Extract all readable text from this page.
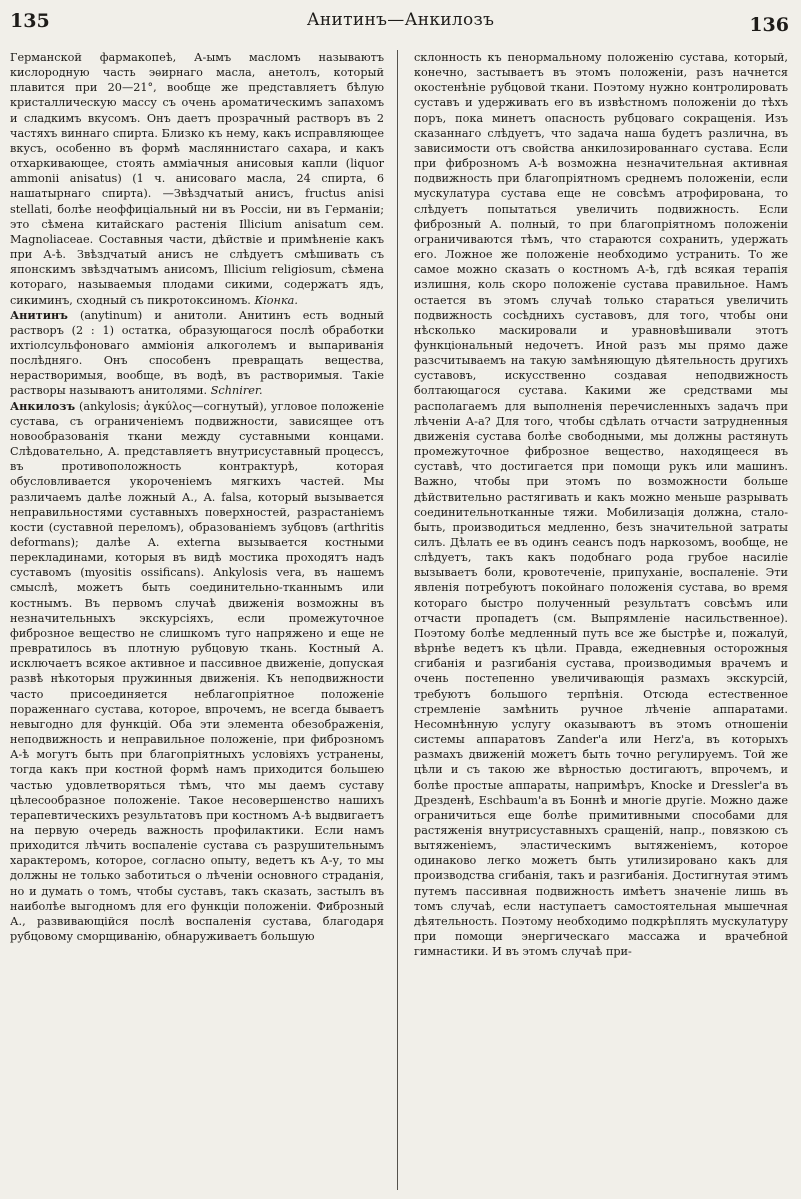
135	Анитинъ—Анкилозъ	136

Германской фармакопеѣ, А-ымъ масломъ называютъ кислородную часть эѳирнаго масла, анетолъ, который плавится при 20—21°, вообще же представляетъ бѣлую кристаллическую массу съ очень ароматическимъ запахомъ и сладкимъ вкусомъ. Онъ даетъ прозрачный растворъ въ 2 частяхъ виннаго спирта. Близко къ нему, какъ исправляющее вкусъ, особенно въ формѣ масляннистаго сахара, и какъ отхаркивающее, стоять амміачныя анисовыя капли (liquor ammonii anisatus) (1 ч. анисоваго масла, 24 спирта, 6 нашатырнаго спирта). —Звѣздчатый анисъ, fructus anisi stellati, болѣе неоффиціальный ни въ Россіи, ни въ Германіи; это сѣмена китайскаго растенія Illicium anisatum сем. Magnoliaceae. Составныя части, дѣйствіе и примѣненіе какъ при А-ѣ. Звѣздчатый анисъ не слѣдуетъ смѣшивать съ японскимъ звѣздчатымъ анисомъ, Illicium religiosum, сѣмена котораго, называемыя плодами сикими, содержатъ ядъ, сикиминъ, сходный съ пикротоксиномъ. Кіонка.

Анитинъ (anytinum) и анитоли. Анитинъ есть водный растворъ (2 : 1) остатка, образующагося послѣ обработки ихтіолсульфоноваго амміонія алкоголемъ и выпариванія послѣдняго. Онъ способенъ превращать вещества, нерастворимыя, вообще, въ водѣ, въ растворимыя. Такіе растворы называютъ анитолями. Schnirer.

Анкилозъ (ankylosis; ἀγκύλος—согнутый), угловое положеніе сустава, съ ограниченіемъ подвижности, зависящее отъ новообразованія ткани между суставными концами. Слѣдовательно, А. представляетъ внутрисуставный процессъ, въ противоположность контрактурѣ, которая обусловливается укороченіемъ мягкихъ частей. Мы различаемъ далѣе ложный А., A. falsa, который вызывается неправильностями суставныхъ поверхностей, разрастаніемъ кости (суставной переломъ), образованіемъ зубцовъ (arthritis deformans); далѣе A. externa вызывается костными перекладинами, которыя въ видѣ мостика проходятъ надъ суставомъ (myositis ossificans). Ankylosis vera, въ нашемъ смыслѣ, можетъ быть соединительно-тканнымъ или костнымъ. Въ первомъ случаѣ движенія возможны въ незначительныхъ экскурсіяхъ, если промежуточное фиброзное вещество не слишкомъ туго напряжено и еще не превратилось въ плотную рубцовую ткань. Костный А. исключаетъ всякое активное и пассивное движеніе, допуская развѣ нѣкоторыя пружинныя движенія. Къ неподвижности часто присоединяется неблагопріятное положеніе пораженнаго сустава, которое, впрочемъ, не всегда бываетъ невыгодно для функцій. Оба эти элемента обезображенія, неподвижность и неправильное положеніе, при фиброзномъ А-ѣ могутъ быть при благопріятныхъ условіяхъ устранены, тогда какъ при костной формѣ намъ приходится большею частью удовлетворяться тѣмъ, что мы даемъ суставу цѣлесообразное положеніе. Такое несовершенство нашихъ терапевтическихъ результатовъ при костномъ А-ѣ выдвигаетъ на первую очередь важность профилактики. Если намъ приходится лѣчить воспаленіе сустава съ разрушительнымъ характеромъ, которое, согласно опыту, ведетъ къ А-у, то мы должны не только заботиться о лѣченіи основного страданія, но и думать о томъ, чтобы суставъ, такъ сказать, застылъ въ наиболѣе выгодномъ для его функціи положеніи. Фиброзный А., развивающійся послѣ воспаленія сустава, благодаря рубцовому сморщиванію, обнаруживаетъ большую

склонность къ пенормальному положенію сустава, который, конечно, застываетъ въ этомъ положеніи, разъ начнется окостенѣніе рубцовой ткани. Поэтому нужно контролировать суставъ и удерживать его въ извѣстномъ положеніи до тѣхъ поръ, пока минетъ опасность рубцоваго сокращенія. Изъ сказаннаго слѣдуетъ, что задача наша будетъ различна, въ зависимости отъ свойства анкилозированнаго сустава. Если при фиброзномъ А-ѣ возможна незначительная активная подвижность при благопріятномъ среднемъ положеніи, если мускулатура сустава еще не совсѣмъ атрофирована, то слѣдуетъ попытаться увеличить подвижность. Если фиброзный А. полный, то при благопріятномъ положеніи ограничиваются тѣмъ, что стараются сохранить, удержать его. Ложное же положеніе необходимо устранить. То же самое можно сказать о костномъ А-ѣ, гдѣ всякая терапія излишня, коль скоро положеніе сустава правильное. Намъ остается въ этомъ случаѣ только стараться увеличить подвижность сосѣднихъ суставовъ, для того, чтобы они нѣсколько маскировали и уравновѣшивали этотъ функціональный недочетъ. Иной разъ мы прямо даже разсчитываемъ на такую замѣняющую дѣятельность другихъ суставовъ, искусственно создавая неподвижность болтающагося сустава. Какими же средствами мы располагаемъ для выполненія перечисленныхъ задачъ при лѣченіи А-а? Для того, чтобы сдѣлать отчасти затрудненныя движенія сустава болѣе свободными, мы должны растянуть промежуточное фиброзное вещество, находящееся въ суставѣ, что достигается при помощи рукъ или машинъ. Важно, чтобы при этомъ по возможности больше дѣйствительно растягивать и какъ можно меньше разрывать соединительнотканные тяжи. Мобилизація должна, стало-быть, производиться медленно, безъ значительной затраты силъ. Дѣлать ее въ одинъ сеансъ подъ наркозомъ, вообще, не слѣдуетъ, такъ какъ подобнаго рода грубое насиліе вызываетъ боли, кровотеченіе, припуханіе, воспаленіе. Эти явленія потребуютъ покойнаго положенія сустава, во время котораго быстро полученный результатъ совсѣмъ или отчасти пропадетъ (см. Выпрямленіе насильственное). Поэтому болѣе медленный путь все же быстрѣе и, пожалуй, вѣрнѣе ведетъ къ цѣли. Правда, ежедневныя осторожныя сгибанія и разгибанія сустава, производимыя врачемъ и очень постепенно увеличивающія размахъ экскурсій, требуютъ большого терпѣнія. Отсюда естественное стремленіе замѣнить ручное лѣченіе аппаратами. Несомнѣнную услугу оказываютъ въ этомъ отношеніи системы аппаратовъ Zander'a или Herz'a, въ которыхъ размахъ движеній можетъ быть точно регулируемъ. Той же цѣли и съ такою же вѣрностью достигаютъ, впрочемъ, и болѣе простые аппараты, напримѣръ, Knocke и Dressler'a въ Дрезденѣ, Eschbaum'a въ Боннѣ и многіе другіе. Можно даже ограничиться еще болѣе примитивными способами для растяженія внутрисуставныхъ сращеній, напр., повязкою съ вытяженіемъ, эластическимъ вытяженіемъ, которое одинаково легко можетъ быть утилизировано какъ для производства сгибанія, такъ и разгибанія. Достигнутая этимъ путемъ пассивная подвижность имѣетъ значеніе лишь въ томъ случаѣ, если наступаетъ самостоятельная мышечная дѣятельность. Поэтому необходимо подкрѣплять мускулатуру при помощи энергическаго массажа и врачебной гимнастики. И въ этомъ случаѣ при-
